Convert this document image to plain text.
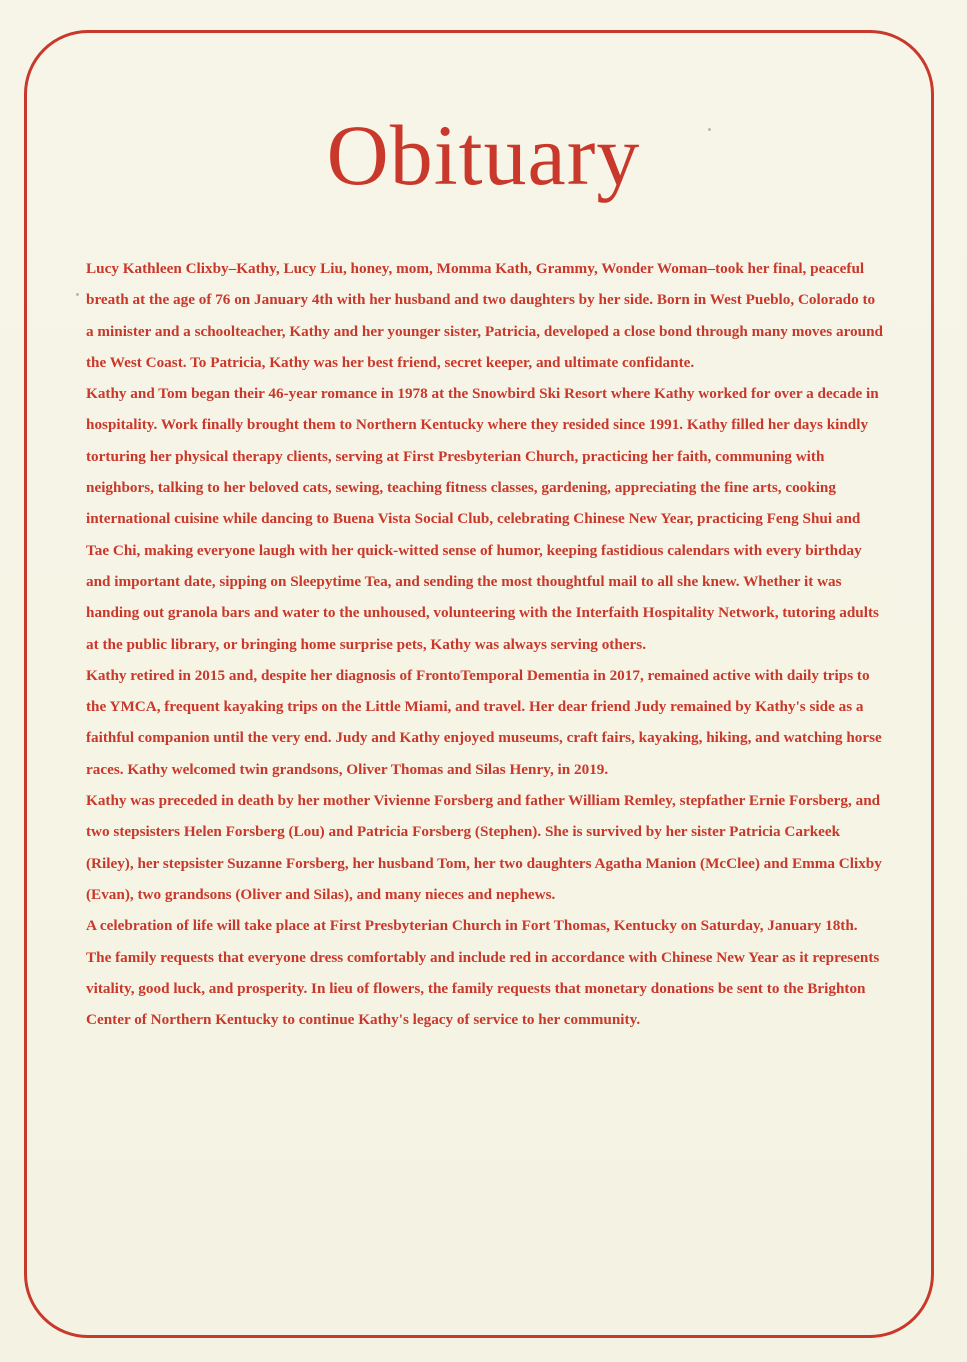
Obituary

Lucy Kathleen Clixby–Kathy, Lucy Liu, honey, mom, Momma Kath, Grammy, Wonder Woman–took her final, peaceful breath at the age of 76 on January 4th with her husband and two daughters by her side. Born in West Pueblo, Colorado to a minister and a schoolteacher, Kathy and her younger sister, Patricia, developed a close bond through many moves around the West Coast. To Patricia, Kathy was her best friend, secret keeper, and ultimate confidante.

Kathy and Tom began their 46-year romance in 1978 at the Snowbird Ski Resort where Kathy worked for over a decade in hospitality. Work finally brought them to Northern Kentucky where they resided since 1991. Kathy filled her days kindly torturing her physical therapy clients, serving at First Presbyterian Church, practicing her faith, communing with neighbors, talking to her beloved cats, sewing, teaching fitness classes, gardening, appreciating the fine arts, cooking international cuisine while dancing to Buena Vista Social Club, celebrating Chinese New Year, practicing Feng Shui and Tae Chi, making everyone laugh with her quick-witted sense of humor, keeping fastidious calendars with every birthday and important date, sipping on Sleepytime Tea, and sending the most thoughtful mail to all she knew. Whether it was handing out granola bars and water to the unhoused, volunteering with the Interfaith Hospitality Network, tutoring adults at the public library, or bringing home surprise pets, Kathy was always serving others.

Kathy retired in 2015 and, despite her diagnosis of FrontoTemporal Dementia in 2017, remained active with daily trips to the YMCA, frequent kayaking trips on the Little Miami, and travel. Her dear friend Judy remained by Kathy's side as a faithful companion until the very end. Judy and Kathy enjoyed museums, craft fairs, kayaking, hiking, and watching horse races. Kathy welcomed twin grandsons, Oliver Thomas and Silas Henry, in 2019.

Kathy was preceded in death by her mother Vivienne Forsberg and father William Remley, stepfather Ernie Forsberg, and two stepsisters Helen Forsberg (Lou) and Patricia Forsberg (Stephen). She is survived by her sister Patricia Carkeek (Riley), her stepsister Suzanne Forsberg, her husband Tom, her two daughters Agatha Manion (McClee) and Emma Clixby (Evan), two grandsons (Oliver and Silas), and many nieces and nephews.

A celebration of life will take place at First Presbyterian Church in Fort Thomas, Kentucky on Saturday, January 18th. The family requests that everyone dress comfortably and include red in accordance with Chinese New Year as it represents vitality, good luck, and prosperity. In lieu of flowers, the family requests that monetary donations be sent to the Brighton Center of Northern Kentucky to continue Kathy's legacy of service to her community.
